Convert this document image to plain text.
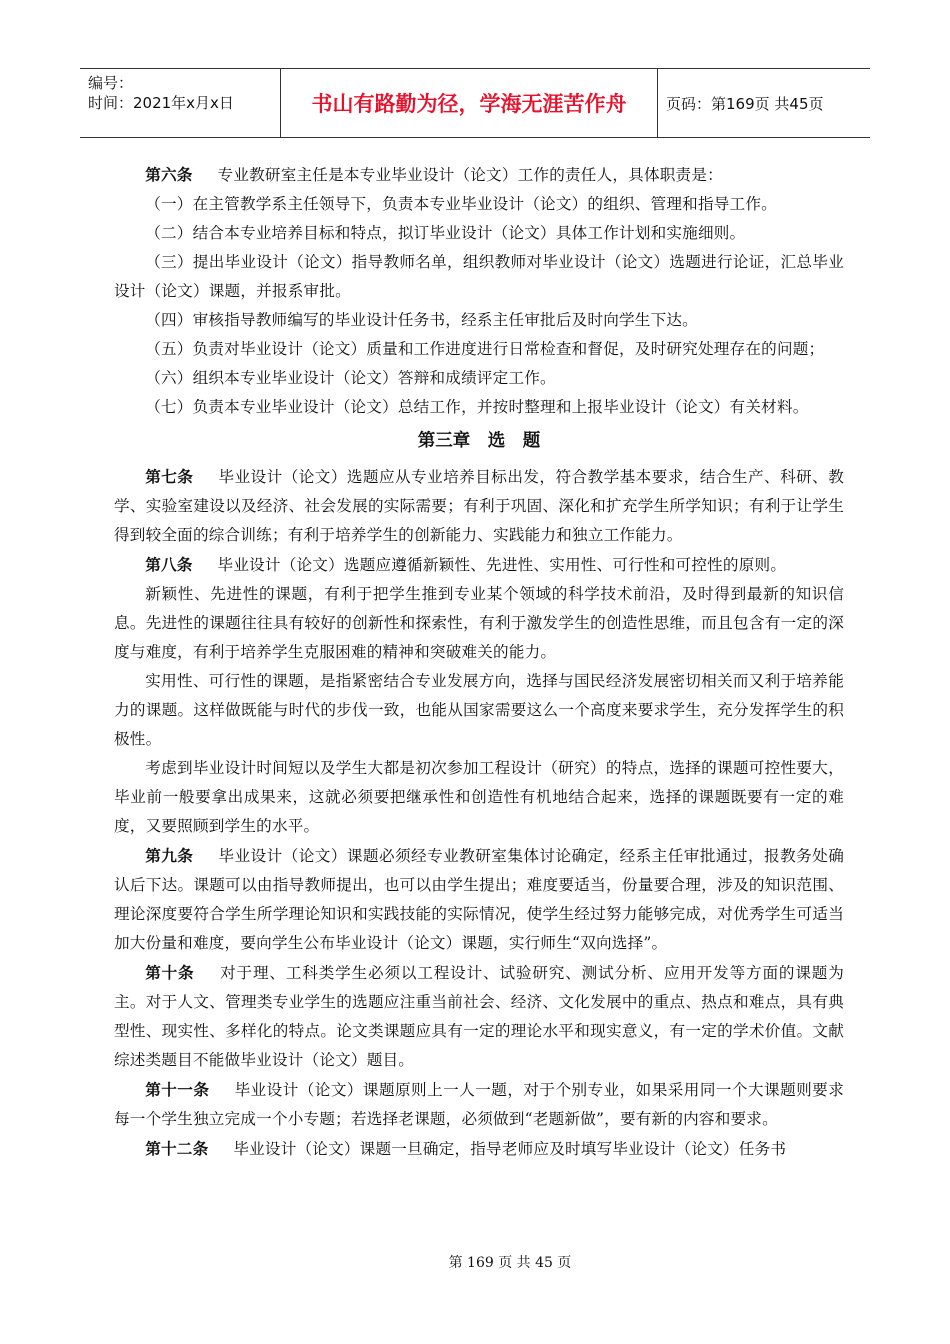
编号：
时间：2021年x月x日	书山有路勤为径，学海无涯苦作舟	页码：第169页 共45页

第六条 专业教研室主任是本专业毕业设计（论文）工作的责任人，具体职责是：

（一）在主管教学系主任领导下，负责本专业毕业设计（论文）的组织、管理和指导工作。

（二）结合本专业培养目标和特点，拟订毕业设计（论文）具体工作计划和实施细则。

（三）提出毕业设计（论文）指导教师名单，组织教师对毕业设计（论文）选题进行论证，汇总毕业设计（论文）课题，并报系审批。

（四）审核指导教师编写的毕业设计任务书，经系主任审批后及时向学生下达。

（五）负责对毕业设计（论文）质量和工作进度进行日常检查和督促，及时研究处理存在的问题；

（六）组织本专业毕业设计（论文）答辩和成绩评定工作。

（七）负责本专业毕业设计（论文）总结工作，并按时整理和上报毕业设计（论文）有关材料。

第三章　选　题

第七条 毕业设计（论文）选题应从专业培养目标出发，符合教学基本要求，结合生产、科研、教学、实验室建设以及经济、社会发展的实际需要；有利于巩固、深化和扩充学生所学知识；有利于让学生得到较全面的综合训练；有利于培养学生的创新能力、实践能力和独立工作能力。

第八条 毕业设计（论文）选题应遵循新颖性、先进性、实用性、可行性和可控性的原则。

新颖性、先进性的课题，有利于把学生推到专业某个领域的科学技术前沿，及时得到最新的知识信息。先进性的课题往往具有较好的创新性和探索性，有利于激发学生的创造性思维，而且包含有一定的深度与难度，有利于培养学生克服困难的精神和突破难关的能力。

实用性、可行性的课题，是指紧密结合专业发展方向，选择与国民经济发展密切相关而又利于培养能力的课题。这样做既能与时代的步伐一致，也能从国家需要这么一个高度来要求学生，充分发挥学生的积极性。

考虑到毕业设计时间短以及学生大都是初次参加工程设计（研究）的特点，选择的课题可控性要大，毕业前一般要拿出成果来，这就必须要把继承性和创造性有机地结合起来，选择的课题既要有一定的难度，又要照顾到学生的水平。

第九条 毕业设计（论文）课题必须经专业教研室集体讨论确定，经系主任审批通过，报教务处确认后下达。课题可以由指导教师提出，也可以由学生提出；难度要适当，份量要合理，涉及的知识范围、理论深度要符合学生所学理论知识和实践技能的实际情况，使学生经过努力能够完成，对优秀学生可适当加大份量和难度，要向学生公布毕业设计（论文）课题，实行师生“双向选择”。

第十条 对于理、工科类学生必须以工程设计、试验研究、测试分析、应用开发等方面的课题为主。对于人文、管理类专业学生的选题应注重当前社会、经济、文化发展中的重点、热点和难点，具有典型性、现实性、多样化的特点。论文类课题应具有一定的理论水平和现实意义，有一定的学术价值。文献综述类题目不能做毕业设计（论文）题目。

第十一条 毕业设计（论文）课题原则上一人一题，对于个别专业，如果采用同一个大课题则要求每一个学生独立完成一个小专题；若选择老课题，必须做到“老题新做”，要有新的内容和要求。

第十二条 毕业设计（论文）课题一旦确定，指导老师应及时填写毕业设计（论文）任务书

第 169 页 共 45 页
